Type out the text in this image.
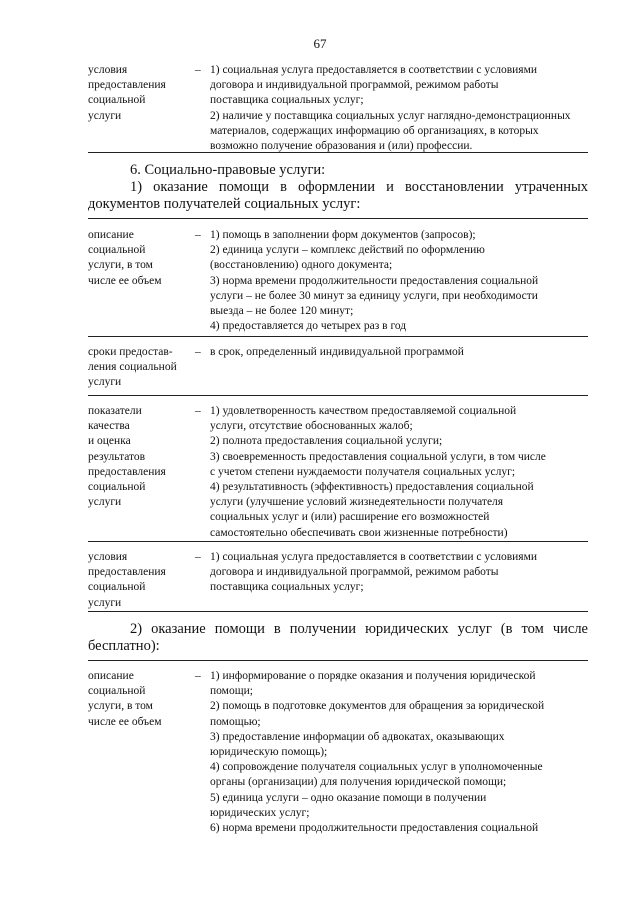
67
условия
предоставления
социальной
услуги
– 1) социальная услуга предоставляется в соответствии с условиями
договора и индивидуальной программой, режимом работы
поставщика социальных услуг;
2) наличие у поставщика социальных услуг наглядно-демонстрационных
материалов, содержащих информацию об организациях, в которых
возможно получение образования и (или) профессии.
6. Социально-правовые услуги:
1) оказание помощи в оформлении и восстановлении утраченных
документов получателей социальных услуг:
описание
социальной
услуги, в том
числе ее объем
– 1) помощь в заполнении форм документов (запросов);
2) единица услуги – комплекс действий по оформлению
(восстановлению) одного документа;
3) норма времени продолжительности предоставления социальной
услуги – не более 30 минут за единицу услуги, при необходимости
выезда – не более 120 минут;
4) предоставляется до четырех раз в год
сроки предостав-
ления социальной
услуги
– в срок, определенный индивидуальной программой
показатели
качества
и оценка
результатов
предоставления
социальной
услуги
– 1) удовлетворенность качеством предоставляемой социальной
услуги, отсутствие обоснованных жалоб;
2) полнота предоставления социальной услуги;
3) своевременность предоставления социальной услуги, в том числе
с учетом степени нуждаемости получателя социальных услуг;
4) результативность (эффективность) предоставления социальной
услуги (улучшение условий жизнедеятельности получателя
социальных услуг и (или) расширение его возможностей
самостоятельно обеспечивать свои жизненные потребности)
условия
предоставления
социальной
услуги
– 1) социальная услуга предоставляется в соответствии с условиями
договора и индивидуальной программой, режимом работы
поставщика социальных услуг;
2) оказание помощи в получении юридических услуг (в том числе
бесплатно):
описание
социальной
услуги, в том
числе ее объем
– 1) информирование о порядке оказания и получения юридической
помощи;
2) помощь в подготовке документов для обращения за юридической
помощью;
3) предоставление информации об адвокатах, оказывающих
юридическую помощь);
4) сопровождение получателя социальных услуг в уполномоченные
органы (организации) для получения юридической помощи;
5) единица услуги – одно оказание помощи в получении
юридических услуг;
6) норма времени продолжительности предоставления социальной
